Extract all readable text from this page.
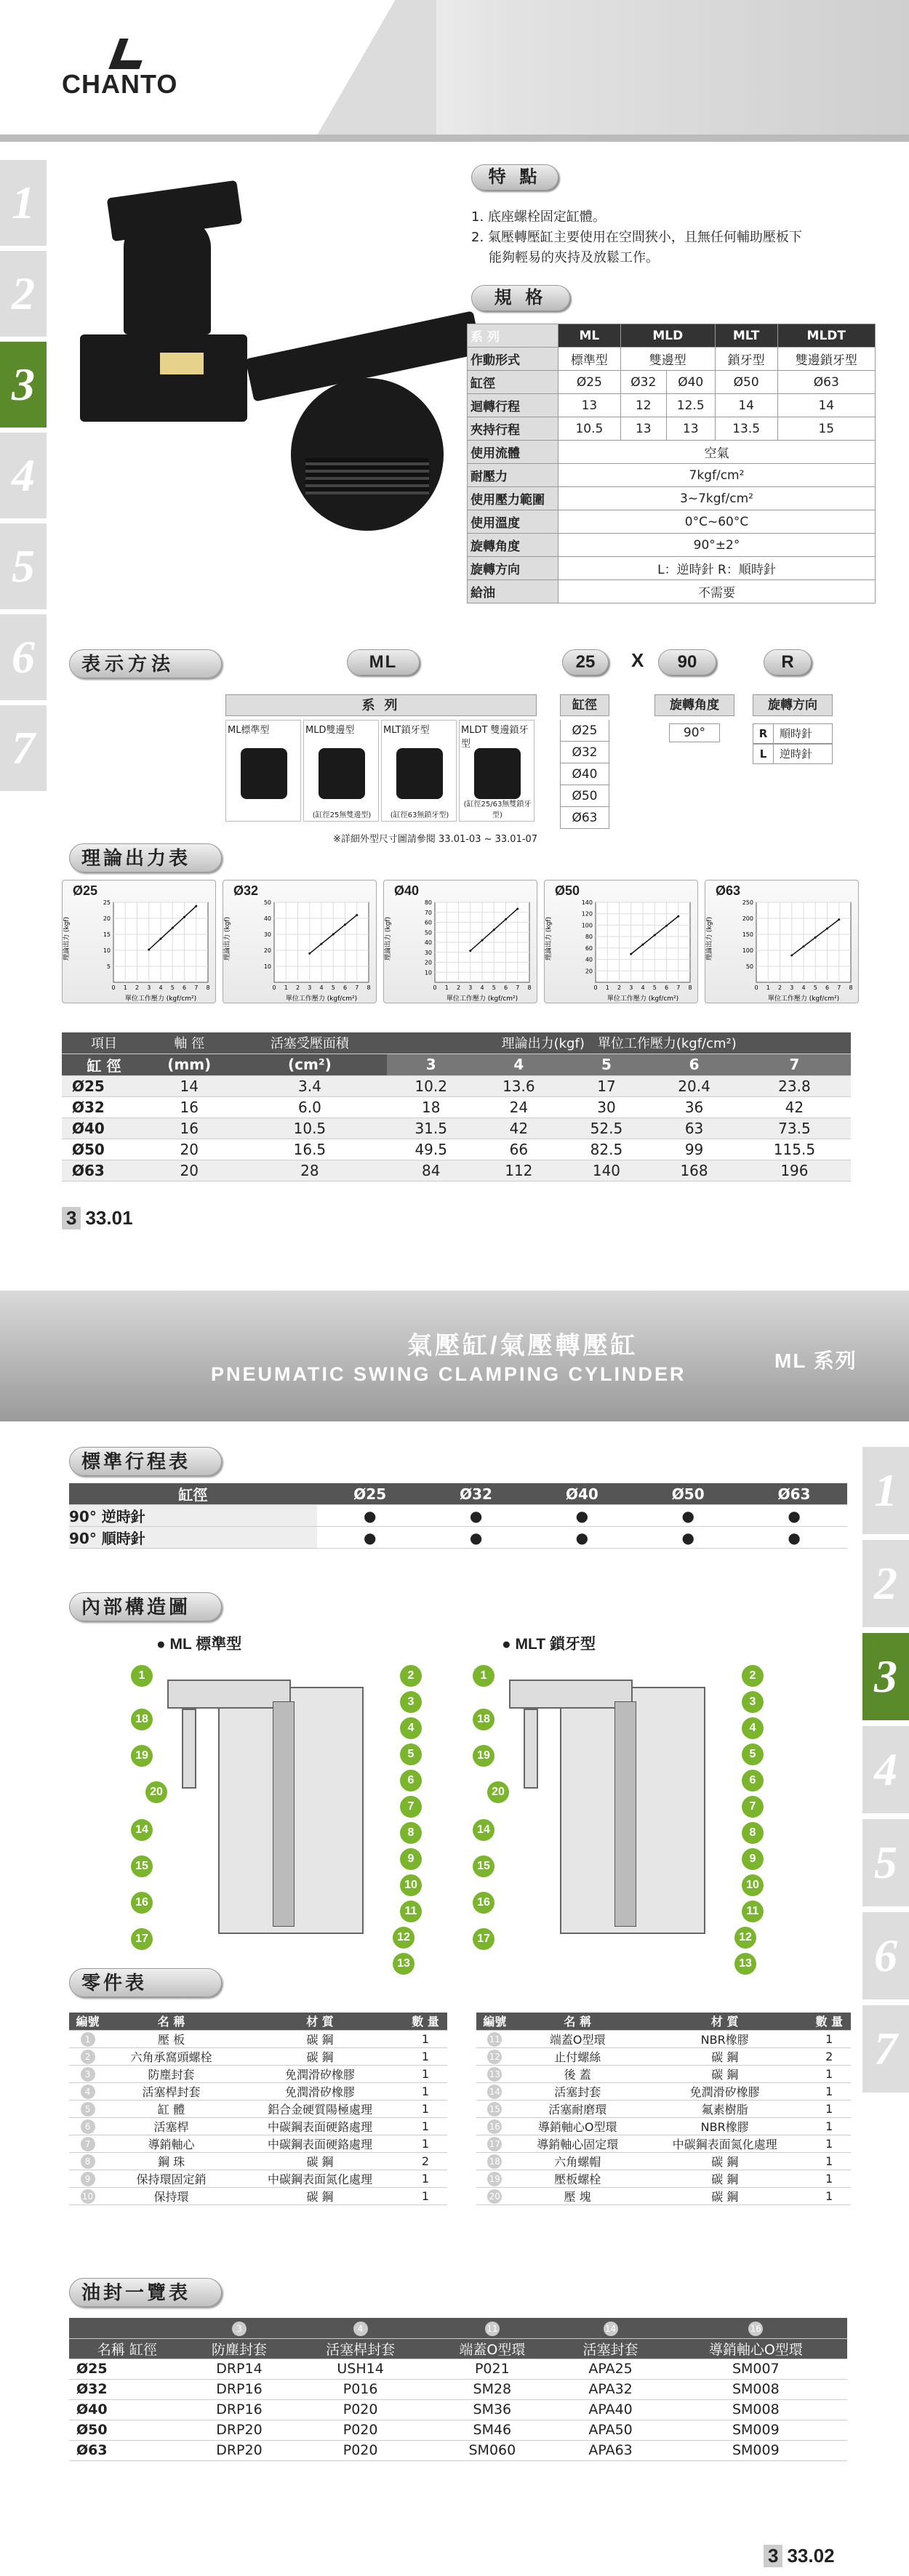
CHANTO
1
2
3
4
5
6
7
特 點
1. 底座螺栓固定缸體。
2. 氣壓轉壓缸主要使用在空間狹小，且無任何輔助壓板下
能夠輕易的夾持及放鬆工作。
規 格
系 列	ML	MLD		MLT	MLDT
作動形式	標準型	雙邊型		鎖牙型	雙邊鎖牙型
缸徑	Ø25	Ø32	Ø40	Ø50	Ø63
迴轉行程	13	12	12.5	14	14
夾持行程	10.5	13	13	13.5	15
使用流體	空氣				
耐壓力	7kgf/cm²				
使用壓力範圍	3~7kgf/cm²				
使用溫度	0°C~60°C				
旋轉角度	90°±2°				
旋轉方向	L：逆時針 R：順時針				
給油	不需要				
表示方法	ML	25	X	90	R
系 列
ML標準型	MLD雙邊型
(缸徑25無雙邊型)
MLT鎖牙型
(缸徑63無鎖牙型)
MLDT 雙邊鎖牙型
(缸徑25/63無雙鎖牙型)
※詳細外型尺寸圖請參閱 33.01-03 ~ 33.01-07
缸徑
Ø25
Ø32
Ø40
Ø50
Ø63
旋轉角度
90°
旋轉方向
R 順時針
L 逆時針
理論出力表
Ø25
5
10
15
20
25
0 1 2 3 4 5 6 7 8
理論出力 (kgf)
單位工作壓力 (kgf/cm²)
Ø32
10
20
30
40
50
0 1 2 3 4 5 6 7 8
理論出力 (kgf)
單位工作壓力 (kgf/cm²)
Ø40
10
20
30
40
50
60
70
80
0 1 2 3 4 5 6 7 8
理論出力 (kgf)
單位工作壓力 (kgf/cm²)
Ø50
20
40
60
80
100
120
140
0 1 2 3 4 5 6 7 8
理論出力 (kgf)
單位工作壓力 (kgf/cm²)
Ø63
50
100
150
200
250
0 1 2 3 4 5 6 7 8
理論出力 (kgf)
單位工作壓力 (kgf/cm²)
項目	軸 徑	活塞受壓面積	理論出力(kgf)　單位工作壓力(kgf/cm²)				
缸 徑	(mm)	(cm²)	3	4	5	6	7
Ø25	14	3.4	10.2	13.6	17	20.4	23.8
Ø32	16	6.0	18	24	30	36	42
Ø40	16	10.5	31.5	42	52.5	63	73.5
Ø50	20	16.5	49.5	66	82.5	99	115.5
Ø63	20	28	84	112	140	168	196
3 33.01
氣壓缸/氣壓轉壓缸
PNEUMATIC SWING CLAMPING CYLINDER
ML 系列
1
2
3
4
5
6
7
標準行程表
缸徑	Ø25	Ø32	Ø40	Ø50	Ø63
90° 逆時針	●	●	●	●	●
90° 順時針	●	●	●	●	●
內部構造圖
● ML 標準型	● MLT 鎖牙型
1
18
19
20
14
15
16
17
2
3
4
5
6
7
8
9
10
11
12
13
1
18
19
20
14
15
16
17
2
3
4
5
6
7
8
9
10
11
12
13
零件表
編號	名 稱	材 質	數 量
1	壓 板	碳 鋼	1
2	六角承窩頭螺栓	碳 鋼	1
3	防塵封套	免潤滑矽橡膠	1
4	活塞桿封套	免潤滑矽橡膠	1
5	缸 體	鋁合金硬質陽極處理	1
6	活塞桿	中碳鋼表面硬鉻處理	1
7	導銷軸心	中碳鋼表面硬鉻處理	1
8	鋼 珠	碳 鋼	2
9	保持環固定銷	中碳鋼表面氮化處理	1
10	保持環	碳 鋼	1
編號	名 稱	材 質	數 量
11	端蓋O型環	NBR橡膠	1
12	止付螺絲	碳 鋼	2
13	後 蓋	碳 鋼	1
14	活塞封套	免潤滑矽橡膠	1
15	活塞耐磨環	氟素樹脂	1
16	導銷軸心O型環	NBR橡膠	1
17	導銷軸心固定環	中碳鋼表面氮化處理	1
18	六角螺帽	碳 鋼	1
19	壓板螺栓	碳 鋼	1
20	壓 塊	碳 鋼	1
油封一覽表
	3	4	11	14	16
名稱 缸徑	防塵封套	活塞桿封套	端蓋O型環	活塞封套	導銷軸心O型環
Ø25	DRP14	USH14	P021	APA25	SM007
Ø32	DRP16	P016	SM28	APA32	SM008
Ø40	DRP16	P020	SM36	APA40	SM008
Ø50	DRP20	P020	SM46	APA50	SM009
Ø63	DRP20	P020	SM060	APA63	SM009
3 33.02
